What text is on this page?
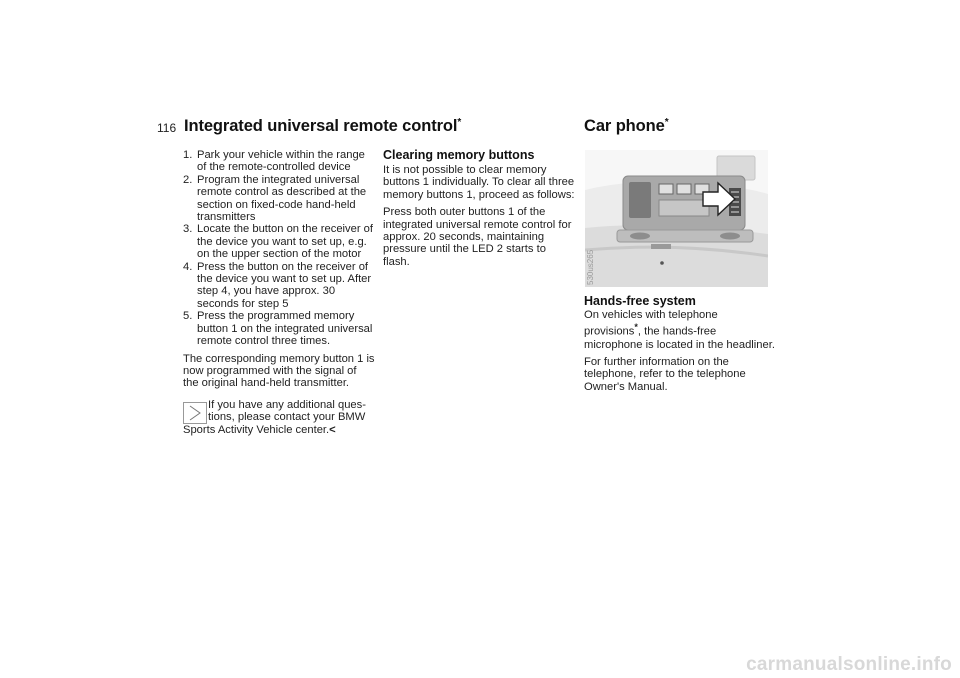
116 Integrated universal remote control*
1. Park your vehicle within the range of the remote-controlled device
2. Program the integrated universal remote control as described at the section on fixed-code hand-held transmitters
3. Locate the button on the receiver of the device you want to set up, e.g. on the upper section of the motor
4. Press the button on the receiver of the device you want to set up. After step 4, you have approx. 30 seconds for step 5
5. Press the programmed memory button 1 on the integrated universal remote control three times.

The corresponding memory button 1 is now programmed with the signal of the original hand-held transmitter.

If you have any additional ques-
tions, please contact your BMW
Sports Activity Vehicle center.<
Clearing memory buttons

It is not possible to clear memory buttons 1 individually. To clear all three memory buttons 1, proceed as follows:

Press both outer buttons 1 of the integrated universal remote control for approx. 20 seconds, maintaining pressure until the LED 2 starts to flash.

Car phone*
530us265
Hands-free system

On vehicles with telephone provisions*, the hands-free microphone is located in the headliner.

For further information on the telephone, refer to the telephone Owner's Manual.

carmanualsonline.info
